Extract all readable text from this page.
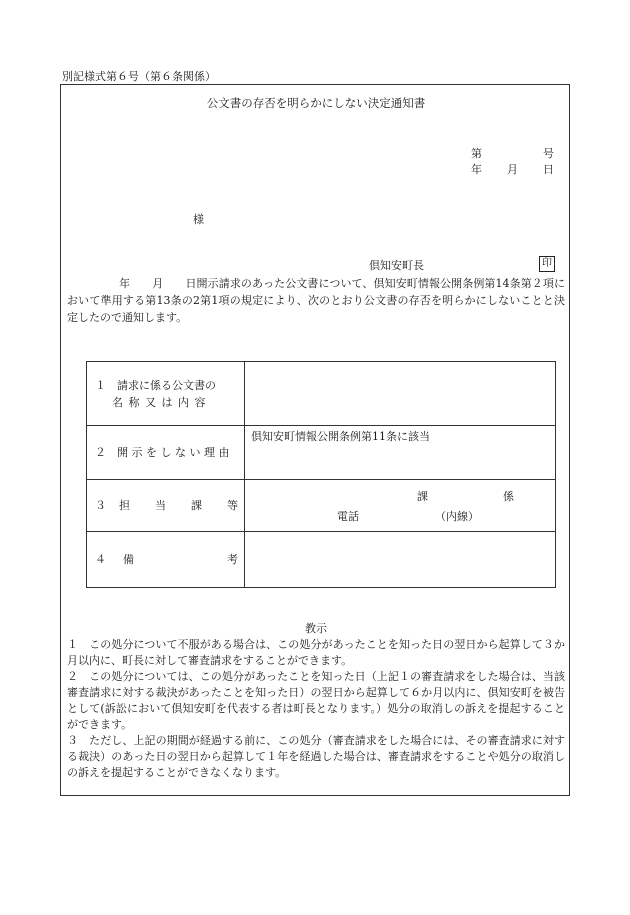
別記様式第６号（第６条関係）
公文書の存否を明らかにしない決定通知書
第	号
年 月 日
様
倶知安町長	印
年 月 日開示請求のあった公文書について、倶知安町情報公開条例第14条第２項において準用する第13条の2第1項の規定により、次のとおり公文書の存否を明らかにしないことと決定したので通知します。
１　請求に係る公文書の
名 称 又 は 内 容	

２　開 示 を し な い 理 由	倶知安町情報公開条例第11条に該当

３ 担 当 課 等	課 係
電話 （内線）

４ 備 考	

教示
１　 この処分について不服がある場合は、この処分があったことを知った日の翌日から起算して３か月以内に、町長に対して審査請求をすることができます。
２　 この処分については、この処分があったことを知った日（上記１の審査請求をした場合は、当該審査請求に対する裁決があったことを知った日）の翌日から起算して６か月以内に、倶知安町を被告として(訴訟において倶知安町を代表する者は町長となります。）処分の取消しの訴えを提起することができます。
３　 ただし、上記の期間が経過する前に、この処分（審査請求をした場合には、その審査請求に対する裁決）のあった日の翌日から起算して１年を経過した場合は、審査請求をすることや処分の取消しの訴えを提起することができなくなります。
